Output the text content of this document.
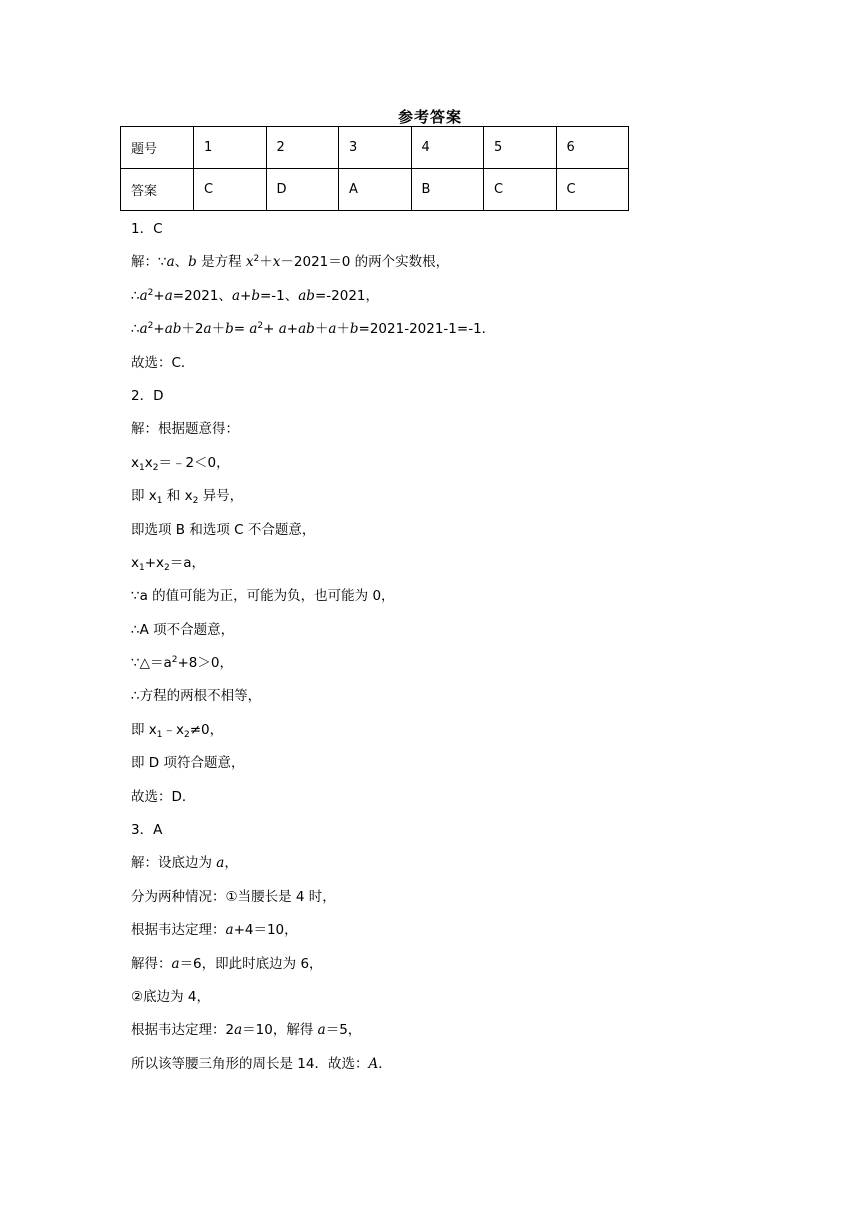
参考答案
题号	1	2	3	4	5	6
答案	C	D	A	B	C	C
1．C
解：∵a、b 是方程 $x^2+x-2021=0$ 的两个实数根，
$\therefore a^2+a=2021$、a+b=-1、ab=-2021，
$\therefore a^2+ab+2a+b= a^2+ a+ab+a+b=2021-2021-1=-1$．
故选：C．
2．D
解：根据题意得：
$x_1x_2=﹣2<0$，
即 $x_1$ 和 $x_2$ 异号，
即选项 B 和选项 C 不合题意，
$x_1+x_2=a$，
∵a 的值可能为正，可能为负，也可能为 0，
∴A 项不合题意，
$\because\triangle=a^2+8>0$，
∴方程的两根不相等，
即 $x_1﹣x_2\ne 0$，
即 D 项符合题意，
故选：D．
3．A
解：设底边为 a，
分为两种情况：①当腰长是 4 时，
根据韦达定理：a+4＝10，
解得：a＝6，即此时底边为 6，
②底边为 4，
根据韦达定理：2a＝10，解得 a＝5，
所以该等腰三角形的周长是 14．故选：A．
